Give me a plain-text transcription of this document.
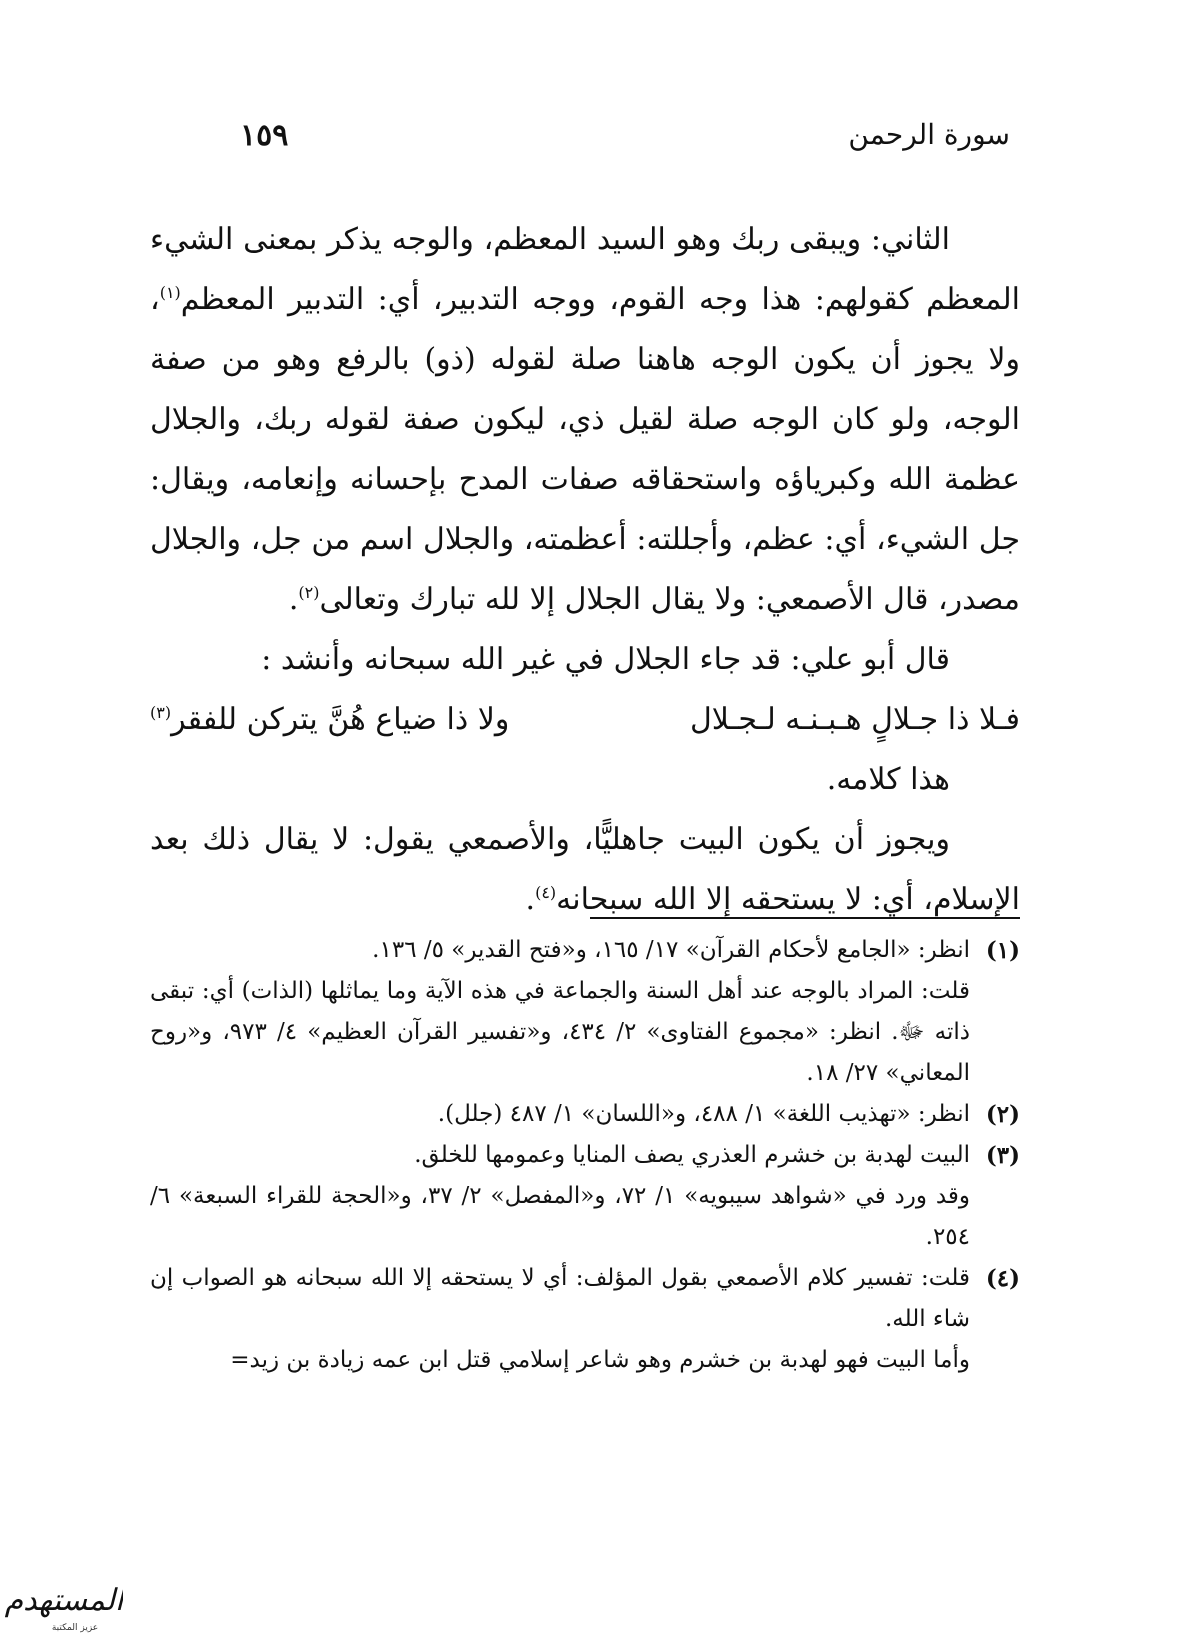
١٥٩	سورة الرحمن

الثاني: ويبقى ربك وهو السيد المعظم، والوجه يذكر بمعنى الشيء المعظم كقولهم: هذا وجه القوم، ووجه التدبير، أي: التدبير المعظم$^{(١)}$، ولا يجوز أن يكون الوجه هاهنا صلة لقوله (ذو) بالرفع وهو من صفة الوجه، ولو كان الوجه صلة لقيل ذي، ليكون صفة لقوله ربك، والجلال عظمة الله وكبرياؤه واستحقاقه صفات المدح بإحسانه وإنعامه، ويقال: جل الشيء، أي: عظم، وأجللته: أعظمته، والجلال اسم من جل، والجلال مصدر، قال الأصمعي: ولا يقال الجلال إلا لله تبارك وتعالى$^{(٢)}$.

قال أبو علي: قد جاء الجلال في غير الله سبحانه وأنشد :

فـلا ذا جـلالٍ هـبـنـه لـجـلال
ولا ذا ضياع هُنَّ يتركن للفقر$^{(٣)}$

هذا كلامه.

ويجوز أن يكون البيت جاهليًّا، والأصمعي يقول: لا يقال ذلك بعد الإسلام، أي: لا يستحقه إلا الله سبحانه$^{(٤)}$.

(١)
انظر: «الجامع لأحكام القرآن» ١٧/ ١٦٥، و«فتح القدير» ٥/ ١٣٦.
قلت: المراد بالوجه عند أهل السنة والجماعة في هذه الآية وما يماثلها (الذات) أي: تبقى ذاته ﷻ. انظر: «مجموع الفتاوى» ٢/ ٤٣٤، و«تفسير القرآن العظيم» ٤/ ٩٧٣، و«روح المعاني» ٢٧/ ١٨.
(٢)
انظر: «تهذيب اللغة» ١/ ٤٨٨، و«اللسان» ١/ ٤٨٧ (جلل).
(٣)
البيت لهدبة بن خشرم العذري يصف المنايا وعمومها للخلق.
وقد ورد في «شواهد سيبويه» ١/ ٧٢، و«المفصل» ٢/ ٣٧، و«الحجة للقراء السبعة» ٦/ ٢٥٤.
(٤)
قلت: تفسير كلام الأصمعي بقول المؤلف: أي لا يستحقه إلا الله سبحانه هو الصواب إن شاء الله.
وأما البيت فهو لهدبة بن خشرم وهو شاعر إسلامي قتل ابن عمه زيادة بن زيد=
المستهدم
عزيز المكتبة
